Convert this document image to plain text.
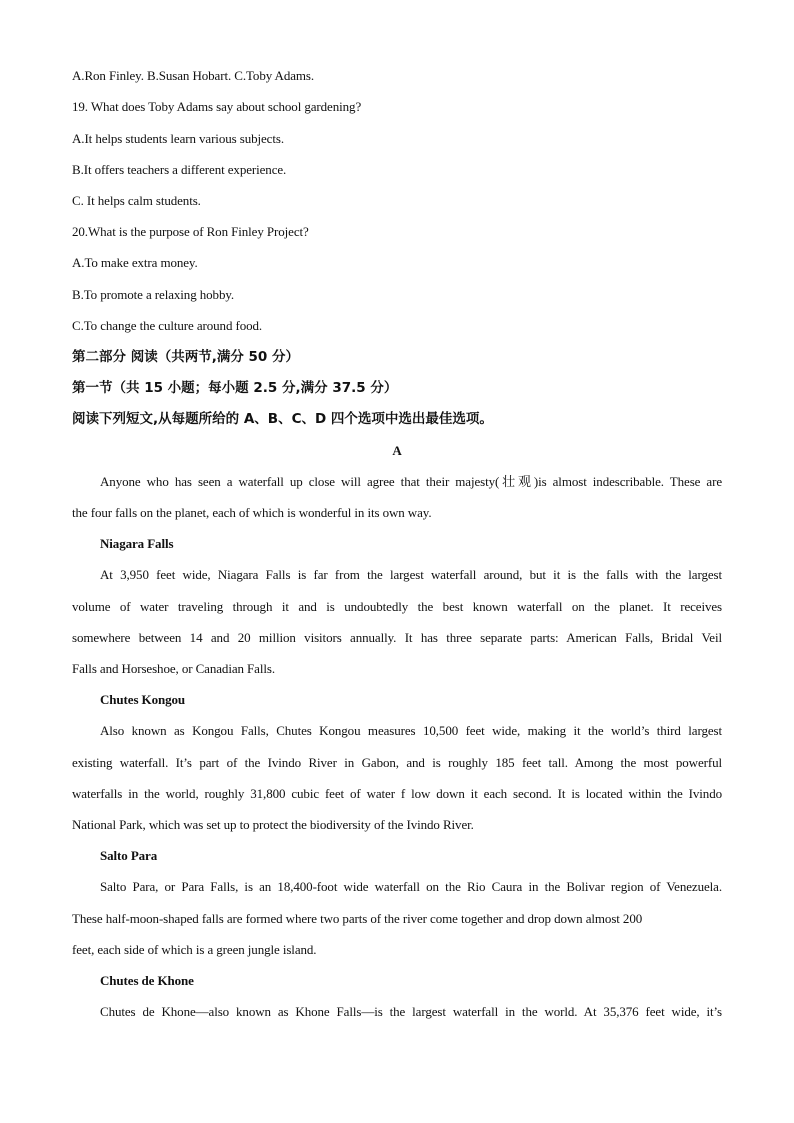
A.Ron Finley. B.Susan Hobart. C.Toby Adams.
19. What does Toby Adams say about school gardening?
A.It helps students learn various subjects.
B.It offers teachers a different experience.
C. It helps calm students.
20.What is the purpose of Ron Finley Project?
A.To make extra money.
B.To promote a relaxing hobby.
C.To change the culture around food.
第二部分 阅读（共两节,满分 50 分）
第一节（共 15 小题；每小题 2.5 分,满分 37.5 分）
阅读下列短文,从每题所给的 A、B、C、D 四个选项中选出最佳选项。
A
Anyone who has seen a waterfall up close will agree that their majesty(壮观)is almost indescribable. These are
the four falls on the planet, each of which is wonderful in its own way.
Niagara Falls
At 3,950 feet wide, Niagara Falls is far from the largest waterfall around, but it is the falls with the largest
volume of water traveling through it and is undoubtedly the best known waterfall on the planet. It receives
somewhere between 14 and 20 million visitors annually. It has three separate parts: American Falls, Bridal Veil
Falls and Horseshoe, or Canadian Falls.
Chutes Kongou
Also known as Kongou Falls, Chutes Kongou measures 10,500 feet wide, making it the world’s third largest
existing waterfall. It’s part of the Ivindo River in Gabon, and is roughly 185 feet tall. Among the most powerful
waterfalls in the world, roughly 31,800 cubic feet of water f low down it each second. It is located within the Ivindo
National Park, which was set up to protect the biodiversity of the Ivindo River.
Salto Para
Salto Para, or Para Falls, is an 18,400-foot wide waterfall on the Rio Caura in the Bolivar region of Venezuela.
These half-moon-shaped falls are formed where two parts of the river come together and drop down almost 200
feet, each side of which is a green jungle island.
Chutes de Khone
Chutes de Khone—also known as Khone Falls—is the largest waterfall in the world. At 35,376 feet wide, it’s
